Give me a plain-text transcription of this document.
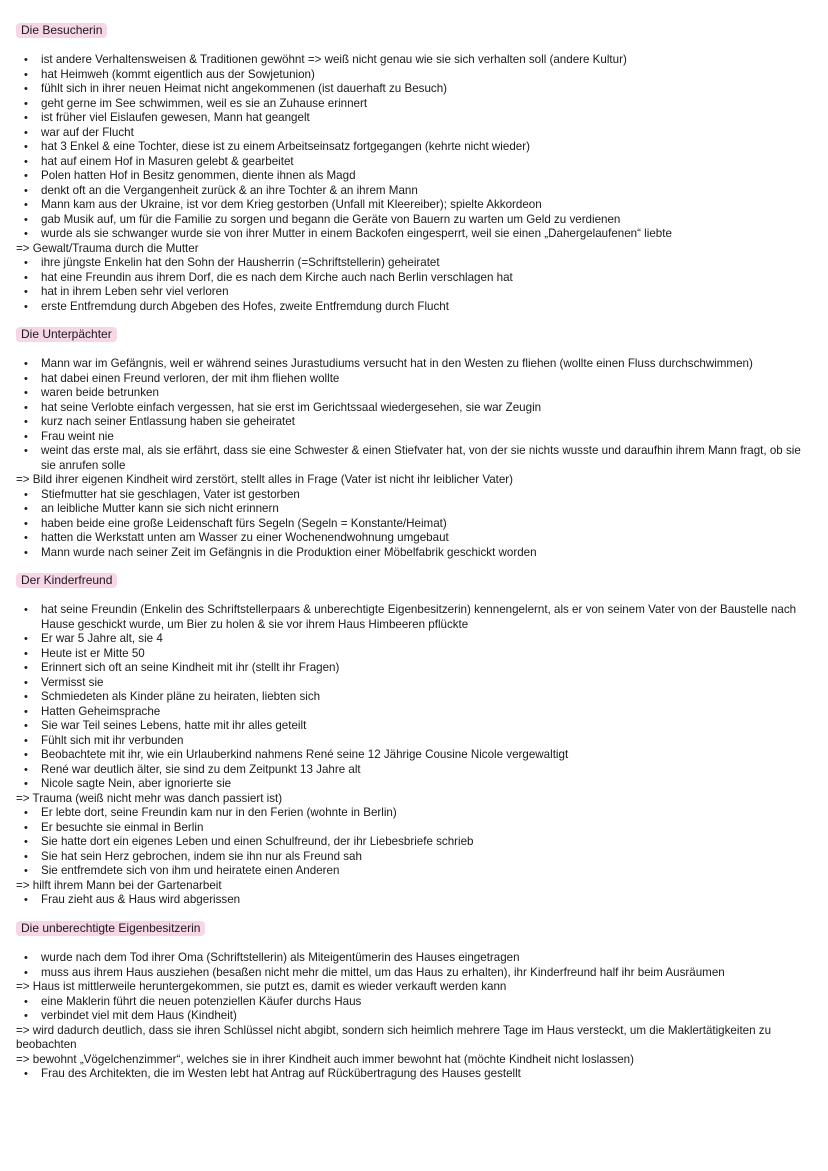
Die Besucherin
• ist andere Verhaltensweisen & Traditionen gewöhnt => weiß nicht genau wie sie sich verhalten soll (andere Kultur)
• hat Heimweh (kommt eigentlich aus der Sowjetunion)
• fühlt sich in ihrer neuen Heimat nicht angekommenen (ist dauerhaft zu Besuch)
• geht gerne im See schwimmen, weil es sie an Zuhause erinnert
• ist früher viel Eislaufen gewesen, Mann hat geangelt
• war auf der Flucht
• hat 3 Enkel & eine Tochter, diese ist zu einem Arbeitseinsatz fortgegangen (kehrte nicht wieder)
• hat auf einem Hof in Masuren gelebt & gearbeitet
• Polen hatten Hof in Besitz genommen, diente ihnen als Magd
• denkt oft an die Vergangenheit zurück & an ihre Tochter & an ihrem Mann
• Mann kam aus der Ukraine, ist vor dem Krieg gestorben (Unfall mit Kleereiber); spielte Akkordeon
• gab Musik auf, um für die Familie zu sorgen und begann die Geräte von Bauern zu warten um Geld zu verdienen
• wurde als sie schwanger wurde sie von ihrer Mutter in einem Backofen eingesperrt, weil sie einen „Dahergelaufenen“ liebte
=> Gewalt/Trauma durch die Mutter
• ihre jüngste Enkelin hat den Sohn der Hausherrin (=Schriftstellerin) geheiratet
• hat eine Freundin aus ihrem Dorf, die es nach dem Kirche auch nach Berlin verschlagen hat
• hat in ihrem Leben sehr viel verloren
• erste Entfremdung durch Abgeben des Hofes, zweite Entfremdung durch Flucht
Die Unterpächter
• Mann war im Gefängnis, weil er während seines Jurastudiums versucht hat in den Westen zu fliehen (wollte einen Fluss durchschwimmen)
• hat dabei einen Freund verloren, der mit ihm fliehen wollte
• waren beide betrunken
• hat seine Verlobte einfach vergessen, hat sie erst im Gerichtssaal wiedergesehen, sie war Zeugin
• kurz nach seiner Entlassung haben sie geheiratet
• Frau weint nie
• weint das erste mal, als sie erfährt, dass sie eine Schwester & einen Stiefvater hat, von der sie nichts wusste und daraufhin ihrem Mann fragt, ob sie sie anrufen solle
=> Bild ihrer eigenen Kindheit wird zerstört, stellt alles in Frage (Vater ist nicht ihr leiblicher Vater)
• Stiefmutter hat sie geschlagen, Vater ist gestorben
• an leibliche Mutter kann sie sich nicht erinnern
• haben beide eine große Leidenschaft fürs Segeln (Segeln = Konstante/Heimat)
• hatten die Werkstatt unten am Wasser zu einer Wochenendwohnung umgebaut
• Mann wurde nach seiner Zeit im Gefängnis in die Produktion einer Möbelfabrik geschickt worden
Der Kinderfreund
• hat seine Freundin (Enkelin des Schriftstellerpaars & unberechtigte Eigenbesitzerin) kennengelernt, als er von seinem Vater von der Baustelle nach Hause geschickt wurde, um Bier zu holen & sie vor ihrem Haus Himbeeren pflückte
• Er war 5 Jahre alt, sie 4
• Heute ist er Mitte 50
• Erinnert sich oft an seine Kindheit mit ihr (stellt ihr Fragen)
• Vermisst sie
• Schmiedeten als Kinder pläne zu heiraten, liebten sich
• Hatten Geheimsprache
• Sie war Teil seines Lebens, hatte mit ihr alles geteilt
• Fühlt sich mit ihr verbunden
• Beobachtete mit ihr, wie ein Urlauberkind nahmens René seine 12 Jährige Cousine Nicole vergewaltigt
• René war deutlich älter, sie sind zu dem Zeitpunkt 13 Jahre alt
• Nicole sagte Nein, aber ignorierte sie
=> Trauma (weiß nicht mehr was danch passiert ist)
• Er lebte dort, seine Freundin kam nur in den Ferien (wohnte in Berlin)
• Er besuchte sie einmal in Berlin
• Sie hatte dort ein eigenes Leben und einen Schulfreund, der ihr Liebesbriefe schrieb
• Sie hat sein Herz gebrochen, indem sie ihn nur als Freund sah
• Sie entfremdete sich von ihm und heiratete einen Anderen
=> hilft ihrem Mann bei der Gartenarbeit
• Frau zieht aus & Haus wird abgerissen
Die unberechtigte Eigenbesitzerin
• wurde nach dem Tod ihrer Oma (Schriftstellerin) als Miteigentümerin des Hauses eingetragen
• muss aus ihrem Haus ausziehen (besaßen nicht mehr die mittel, um das Haus zu erhalten), ihr Kinderfreund half ihr beim Ausräumen
=> Haus ist mittlerweile heruntergekommen, sie putzt es, damit es wieder verkauft werden kann
• eine Maklerin führt die neuen potenziellen Käufer durchs Haus
• verbindet viel mit dem Haus (Kindheit)
=> wird dadurch deutlich, dass sie ihren Schlüssel nicht abgibt, sondern sich heimlich mehrere Tage im Haus versteckt, um die Maklertätigkeiten zu beobachten
=> bewohnt „Vögelchenzimmer“, welches sie in ihrer Kindheit auch immer bewohnt hat (möchte Kindheit nicht loslassen)
• Frau des Architekten, die im Westen lebt hat Antrag auf Rückübertragung des Hauses gestellt
